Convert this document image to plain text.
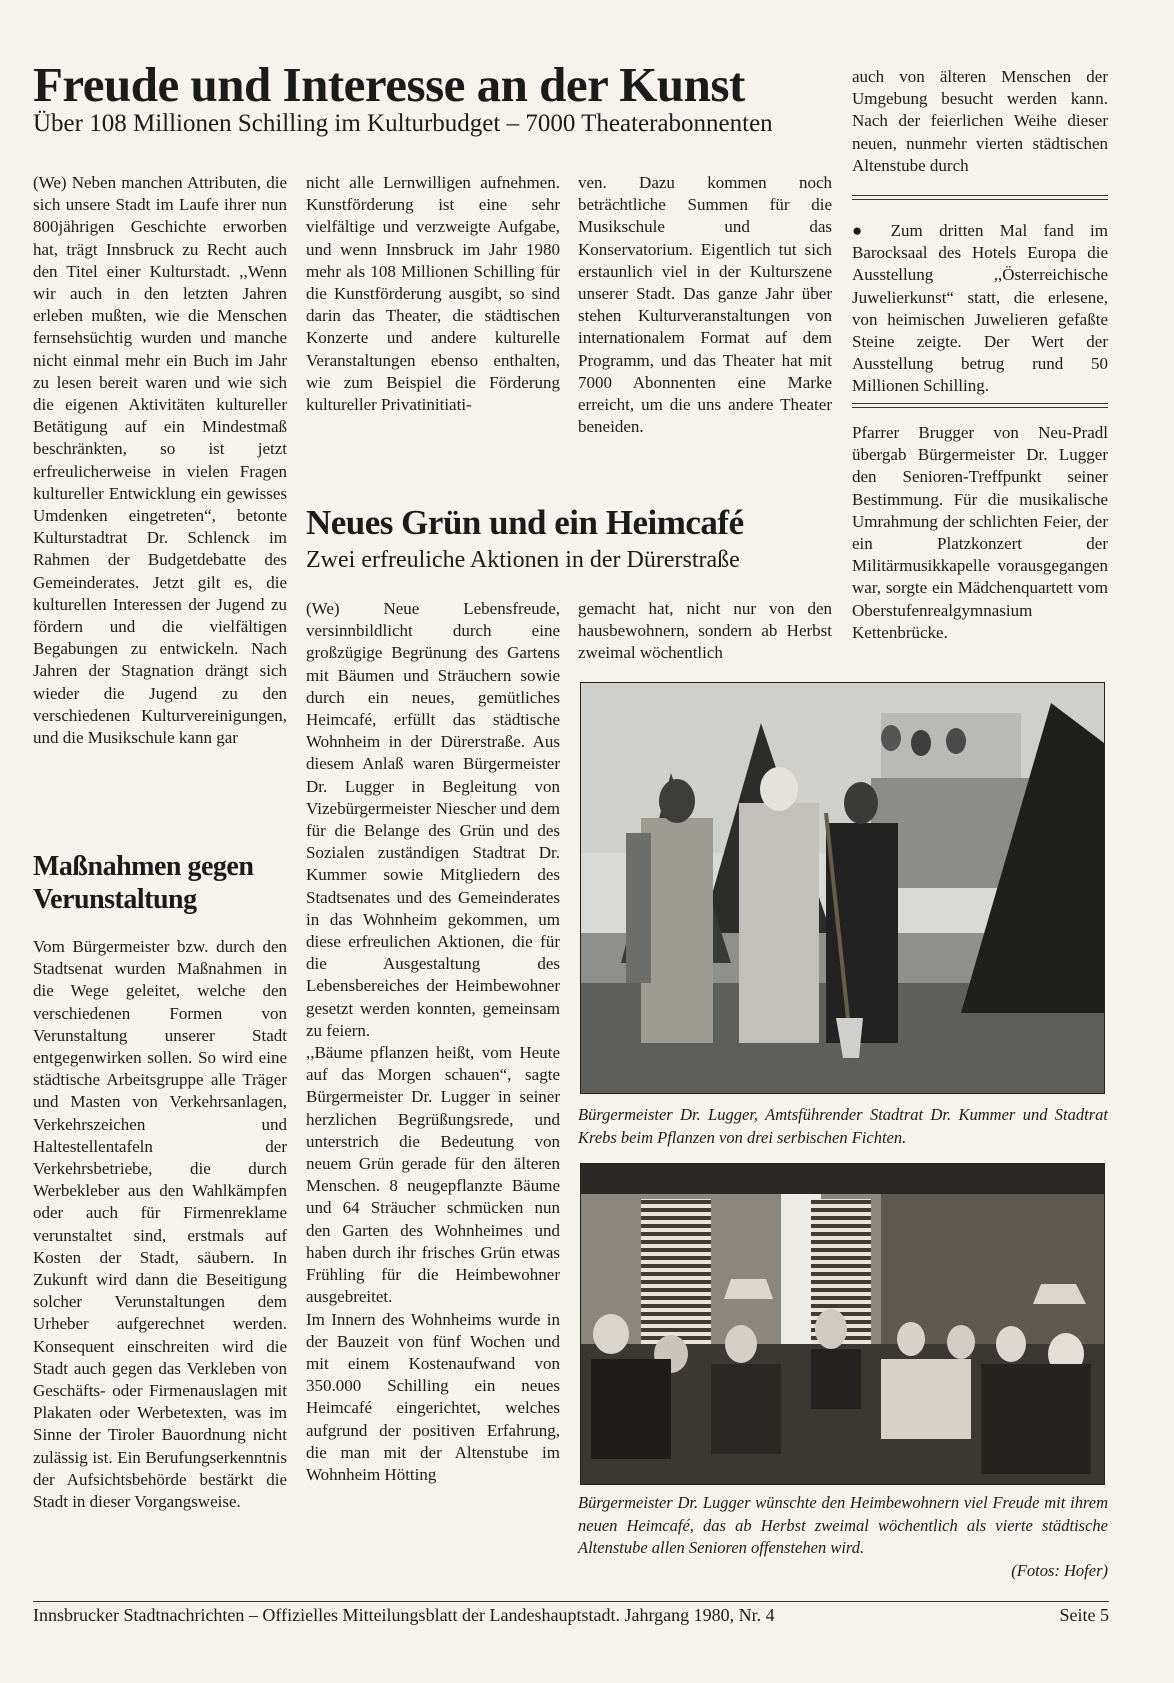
Freude und Interesse an der Kunst
Über 108 Millionen Schilling im Kulturbudget – 7000 Theaterabonnenten

(We) Neben manchen Attributen, die sich unsere Stadt im Laufe ihrer nun 800jährigen Geschichte erworben hat, trägt Innsbruck zu Recht auch den Titel einer Kulturstadt. ,,Wenn wir auch in den letzten Jahren erleben mußten, wie die Menschen fernsehsüchtig wurden und manche nicht einmal mehr ein Buch im Jahr zu lesen bereit waren und wie sich die eigenen Aktivitäten kultureller Betätigung auf ein Mindestmaß beschränkten, so ist jetzt erfreulicherweise in vielen Fragen kultureller Entwicklung ein gewisses Umdenken eingetreten“, betonte Kulturstadtrat Dr. Schlenck im Rahmen der Budgetdebatte des Gemeinderates. Jetzt gilt es, die kulturellen Interessen der Jugend zu fördern und die vielfältigen Begabungen zu entwickeln. Nach Jahren der Stagnation drängt sich wieder die Jugend zu den verschiedenen Kulturvereinigungen, und die Musikschule kann gar

nicht alle Lernwilligen aufnehmen. Kunstförderung ist eine sehr vielfältige und verzweigte Aufgabe, und wenn Innsbruck im Jahr 1980 mehr als 108 Millionen Schilling für die Kunstförderung ausgibt, so sind darin das Theater, die städtischen Konzerte und andere kulturelle Veranstaltungen ebenso enthalten, wie zum Beispiel die Förderung kultureller Privatinitiati-

ven. Dazu kommen noch beträchtliche Summen für die Musikschule und das Konservatorium. Eigentlich tut sich erstaunlich viel in der Kulturszene unserer Stadt. Das ganze Jahr über stehen Kulturveranstaltungen von internationalem Format auf dem Programm, und das Theater hat mit 7000 Abonnenten eine Marke erreicht, um die uns andere Theater beneiden.

Maßnahmen gegen Verunstaltung

Vom Bürgermeister bzw. durch den Stadtsenat wurden Maßnahmen in die Wege geleitet, welche den verschiedenen Formen von Verunstaltung unserer Stadt entgegenwirken sollen. So wird eine städtische Arbeitsgruppe alle Träger und Masten von Verkehrsanlagen, Verkehrszeichen und Haltestellentafeln der Verkehrsbetriebe, die durch Werbekleber aus den Wahlkämpfen oder auch für Firmenreklame verunstaltet sind, erstmals auf Kosten der Stadt, säubern. In Zukunft wird dann die Beseitigung solcher Verunstaltungen dem Urheber aufgerechnet werden. Konsequent einschreiten wird die Stadt auch gegen das Verkleben von Geschäfts- oder Firmenauslagen mit Plakaten oder Werbetexten, was im Sinne der Tiroler Bauordnung nicht zulässig ist. Ein Berufungserkenntnis der Aufsichtsbehörde bestärkt die Stadt in dieser Vorgangsweise.

Neues Grün und ein Heimcafé
Zwei erfreuliche Aktionen in der Dürerstraße

(We) Neue Lebensfreude, versinnbildlicht durch eine großzügige Begrünung des Gartens mit Bäumen und Sträuchern sowie durch ein neues, gemütliches Heimcafé, erfüllt das städtische Wohnheim in der Dürerstraße. Aus diesem Anlaß waren Bürgermeister Dr. Lugger in Begleitung von Vizebürgermeister Niescher und dem für die Belange des Grün und des Sozialen zuständigen Stadtrat Dr. Kummer sowie Mitgliedern des Stadtsenates und des Gemeinderates in das Wohnheim gekommen, um diese erfreulichen Aktionen, die für die Ausgestaltung des Lebensbereiches der Heimbewohner gesetzt werden konnten, gemeinsam zu feiern.

,,Bäume pflanzen heißt, vom Heute auf das Morgen schauen“, sagte Bürgermeister Dr. Lugger in seiner herzlichen Begrüßungsrede, und unterstrich die Bedeutung von neuem Grün gerade für den älteren Menschen. 8 neugepflanzte Bäume und 64 Sträucher schmücken nun den Garten des Wohnheimes und haben durch ihr frisches Grün etwas Frühling für die Heimbewohner ausgebreitet.

Im Innern des Wohnheims wurde in der Bauzeit von fünf Wochen und mit einem Kostenaufwand von 350.000 Schilling ein neues Heimcafé eingerichtet, welches aufgrund der positiven Erfahrung, die man mit der Altenstube im Wohnheim Hötting

gemacht hat, nicht nur von den hausbewohnern, sondern ab Herbst zweimal wöchentlich

auch von älteren Menschen der Umgebung besucht werden kann. Nach der feierlichen Weihe dieser neuen, nunmehr vierten städtischen Altenstube durch

● Zum dritten Mal fand im Barocksaal des Hotels Europa die Ausstellung ,,Österreichische Juwelierkunst“ statt, die erlesene, von heimischen Juwelieren gefaßte Steine zeigte. Der Wert der Ausstellung betrug rund 50 Millionen Schilling.

Pfarrer Brugger von Neu-Pradl übergab Bürgermeister Dr. Lugger den Senioren-Treffpunkt seiner Bestimmung. Für die musikalische Umrahmung der schlichten Feier, der ein Platzkonzert der Militärmusikkapelle vorausgegangen war, sorgte ein Mädchenquartett vom Oberstufenrealgymnasium Kettenbrücke.

Bürgermeister Dr. Lugger, Amtsführender Stadtrat Dr. Kummer und Stadtrat Krebs beim Pflanzen von drei serbischen Fichten.
Bürgermeister Dr. Lugger wünschte den Heimbewohnern viel Freude mit ihrem neuen Heimcafé, das ab Herbst zweimal wöchentlich als vierte städtische Altenstube allen Senioren offenstehen wird.
(Fotos: Hofer)
Innsbrucker Stadtnachrichten – Offizielles Mitteilungsblatt der Landeshauptstadt. Jahrgang 1980, Nr. 4	Seite 5
